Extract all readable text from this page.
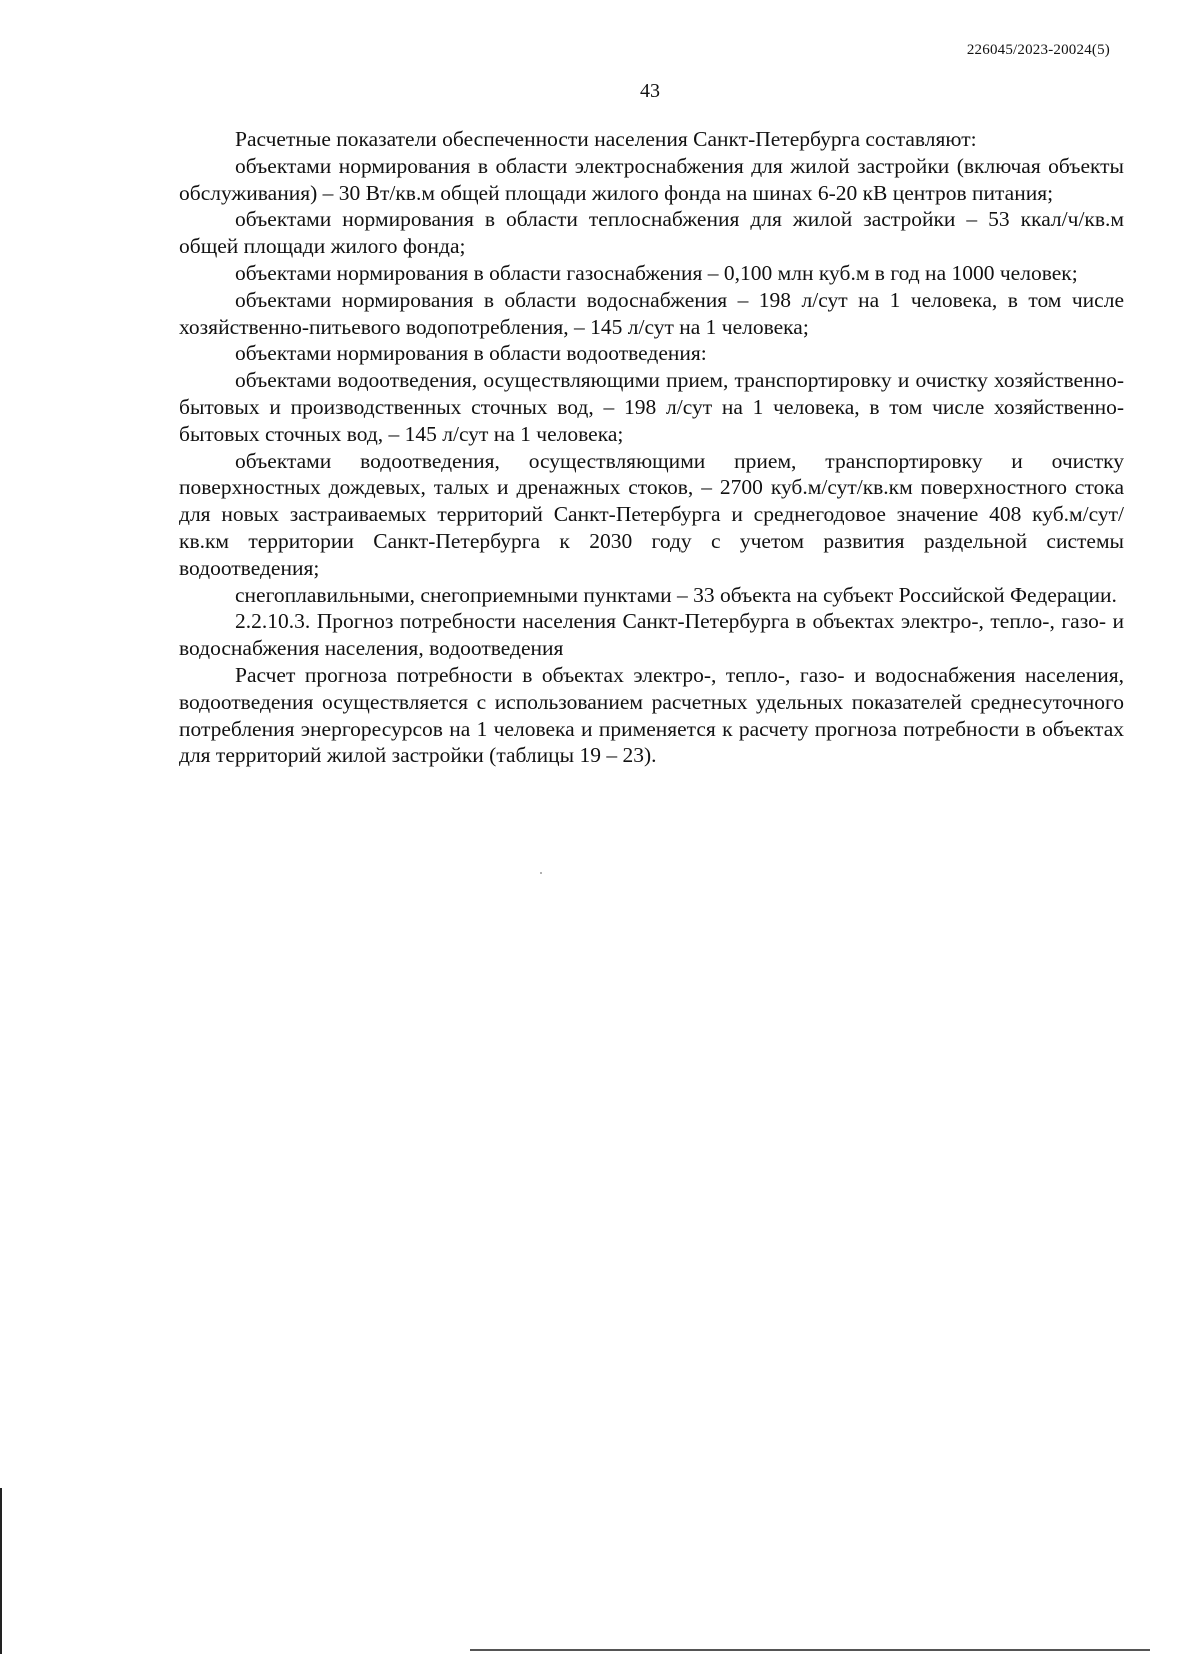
226045/2023-20024(5)
43

Расчетные показатели обеспеченности населения Санкт-Петербурга составляют:

объектами нормирования в области электроснабжения для жилой застройки (включая объекты обслуживания) – 30 Вт/кв.м общей площади жилого фонда на шинах 6-20 кВ центров питания;

объектами нормирования в области теплоснабжения для жилой застройки – 53 ккал/ч/кв.м общей площади жилого фонда;

объектами нормирования в области газоснабжения – 0,100 млн куб.м в год на 1000 человек;

объектами нормирования в области водоснабжения – 198 л/сут на 1 человека, в том числе хозяйственно-питьевого водопотребления, – 145 л/сут на 1 человека;

объектами нормирования в области водоотведения:

объектами водоотведения, осуществляющими прием, транспортировку и очистку хозяйственно-бытовых и производственных сточных вод, – 198 л/сут на 1 человека, в том числе хозяйственно-бытовых сточных вод, – 145 л/сут на 1 человека;

объектами водоотведения, осуществляющими прием, транспортировку и очистку поверхностных дождевых, талых и дренажных стоков, – 2700 куб.м/сут/кв.км поверхностного стока для новых застраиваемых территорий Санкт-Петербурга и среднегодовое значение 408 куб.м/сут/кв.км территории Санкт-Петербурга к 2030 году с учетом развития раздельной системы водоотведения;

снегоплавильными, снегоприемными пунктами – 33 объекта на субъект Российской Федерации.

2.2.10.3. Прогноз потребности населения Санкт-Петербурга в объектах электро-, тепло-, газо- и водоснабжения населения, водоотведения

Расчет прогноза потребности в объектах электро-, тепло-, газо- и водоснабжения населения, водоотведения осуществляется с использованием расчетных удельных показателей среднесуточного потребления энергоресурсов на 1 человека и применяется к расчету прогноза потребности в объектах для территорий жилой застройки (таблицы 19 – 23).
